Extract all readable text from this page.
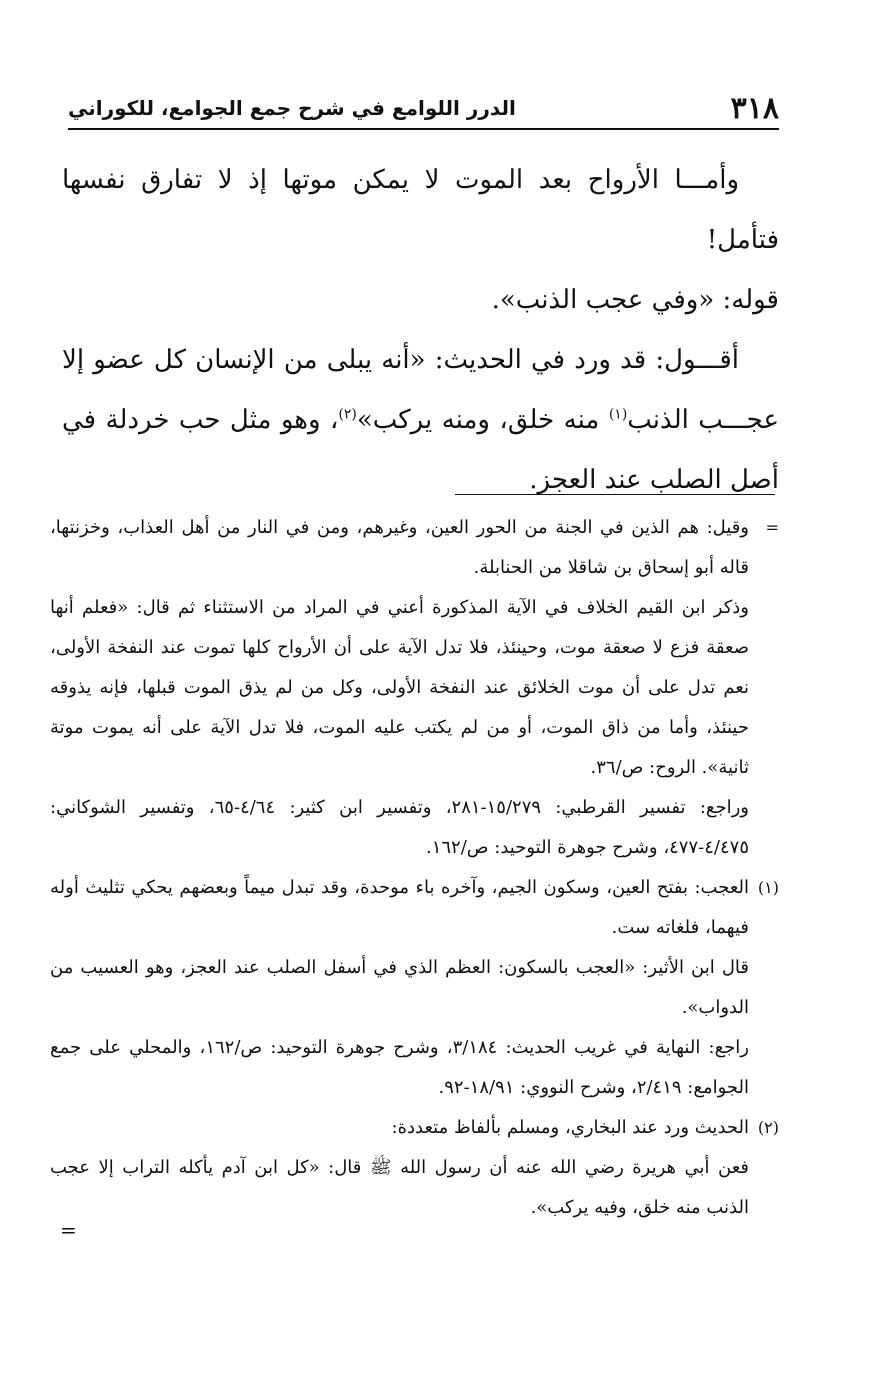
٣١٨
الدرر اللوامع في شرح جمع الجوامع، للكوراني

وأمـــا الأرواح بعد الموت لا يمكن موتها إذ لا تفارق نفسها فتأمل!

قوله: «وفي عجب الذنب».

أقـــول: قد ورد في الحديث: «أنه يبلى من الإنسان كل عضو إلا عجـــب الذنب$^{(١)}$ منه خلق، ومنه يركب»$^{(٢)}$، وهو مثل حب خردلة في أصل الصلب عند العجز.

=

وقيل: هم الذين في الجنة من الحور العين، وغيرهم، ومن في النار من أهل العذاب، وخزنتها، قاله أبو إسحاق بن شاقلا من الحنابلة.

وذكر ابن القيم الخلاف في الآية المذكورة أعني في المراد من الاستثناء ثم قال: «فعلم أنها صعقة فزع لا صعقة موت، وحينئذ، فلا تدل الآية على أن الأرواح كلها تموت عند النفخة الأولى، نعم تدل على أن موت الخلائق عند النفخة الأولى، وكل من لم يذق الموت قبلها، فإنه يذوقه حينئذ، وأما من ذاق الموت، أو من لم يكتب عليه الموت، فلا تدل الآية على أنه يموت موتة ثانية». الروح: ص/٣٦.

وراجع: تفسير القرطبي: ١٥/٢٧٩-٢٨١، وتفسير ابن كثير: ٤/٦٤-٦٥، وتفسير الشوكاني: ٤/٤٧٥-٤٧٧، وشرح جوهرة التوحيد: ص/١٦٢.

(١)

العجب: بفتح العين، وسكون الجيم، وآخره باء موحدة، وقد تبدل ميماً وبعضهم يحكي تثليث أوله فيهما، فلغاته ست.

قال ابن الأثير: «العجب بالسكون: العظم الذي في أسفل الصلب عند العجز، وهو العسيب من الدواب».

راجع: النهاية في غريب الحديث: ٣/١٨٤، وشرح جوهرة التوحيد: ص/١٦٢، والمحلي على جمع الجوامع: ٢/٤١٩، وشرح النووي: ١٨/٩١-٩٢.

(٢)

الحديث ورد عند البخاري، ومسلم بألفاظ متعددة:

فعن أبي هريرة رضي الله عنه أن رسول الله ﷺ قال: «كل ابن آدم يأكله التراب إلا عجب الذنب منه خلق، وفيه يركب».

=
